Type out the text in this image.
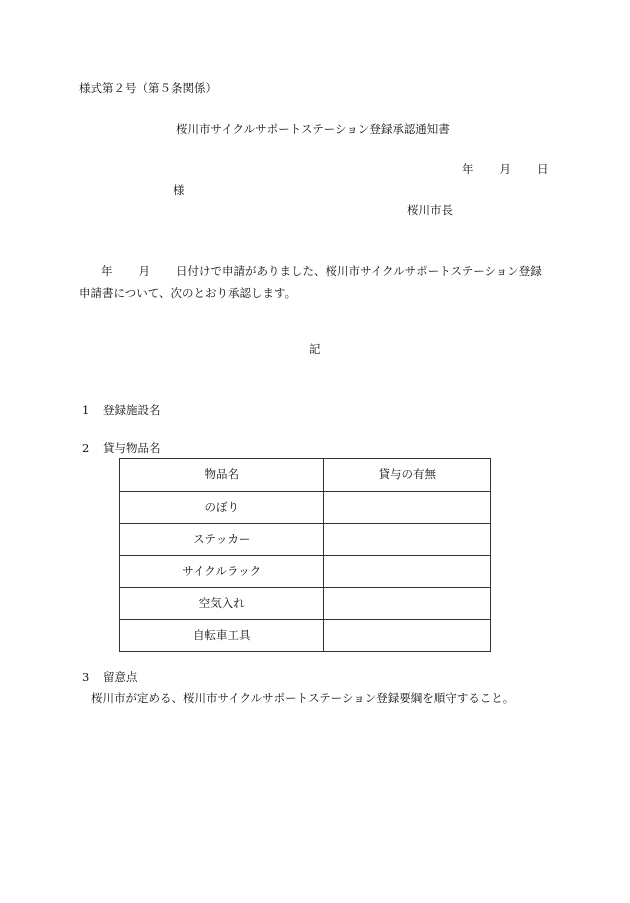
様式第２号（第５条関係）
桜川市サイクルサポートステーション登録承認通知書
年 月 日
様
桜川市長
年 月 日付けで申請がありました、桜川市サイクルサポートステーション登録
申請書について、次のとおり承認します。
記
1 登録施設名
2 貸与物品名
物品名	貸与の有無
のぼり	
ステッカー	
サイクルラック	
空気入れ	
自転車工具	
3 留意点
桜川市が定める、桜川市サイクルサポートステーション登録要綱を順守すること。
